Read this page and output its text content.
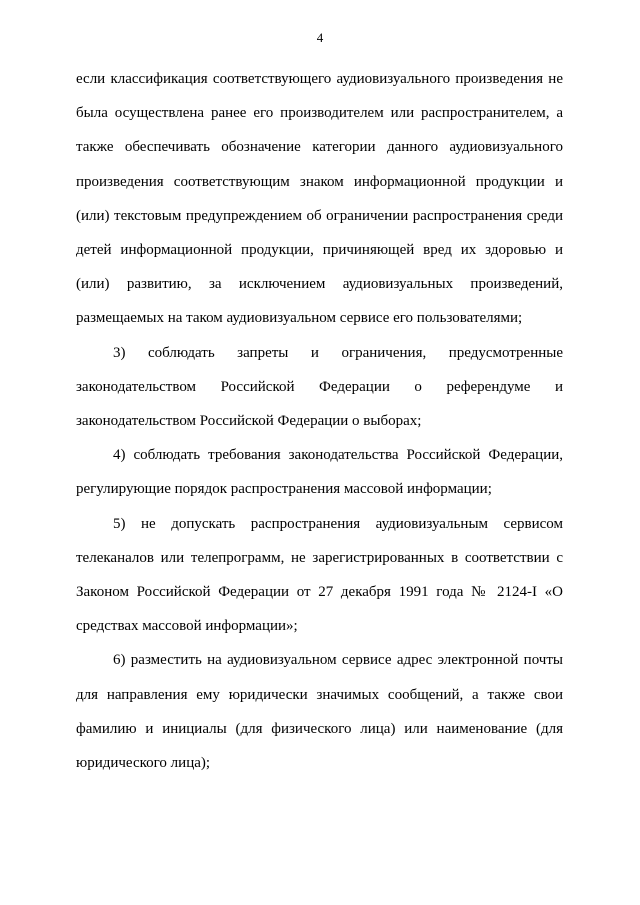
4

если классификация соответствующего аудиовизуального произведения не была осуществлена ранее его производителем или распространителем, а также обеспечивать обозначение категории данного аудиовизуального произведения соответствующим знаком информационной продукции и (или) текстовым предупреждением об ограничении распространения среди детей информационной продукции, причиняющей вред их здоровью и (или) развитию, за исключением аудиовизуальных произведений, размещаемых на таком аудиовизуальном сервисе его пользователями;

3) соблюдать запреты и ограничения, предусмотренные законодательством Российской Федерации о референдуме и законодательством Российской Федерации о выборах;

4) соблюдать требования законодательства Российской Федерации, регулирующие порядок распространения массовой информации;

5) не допускать распространения аудиовизуальным сервисом телеканалов или телепрограмм, не зарегистрированных в соответствии с Законом Российской Федерации от 27 декабря 1991 года № 2124-I «О средствах массовой информации»;

6) разместить на аудиовизуальном сервисе адрес электронной почты для направления ему юридически значимых сообщений, а также свои фамилию и инициалы (для физического лица) или наименование (для юридического лица);
